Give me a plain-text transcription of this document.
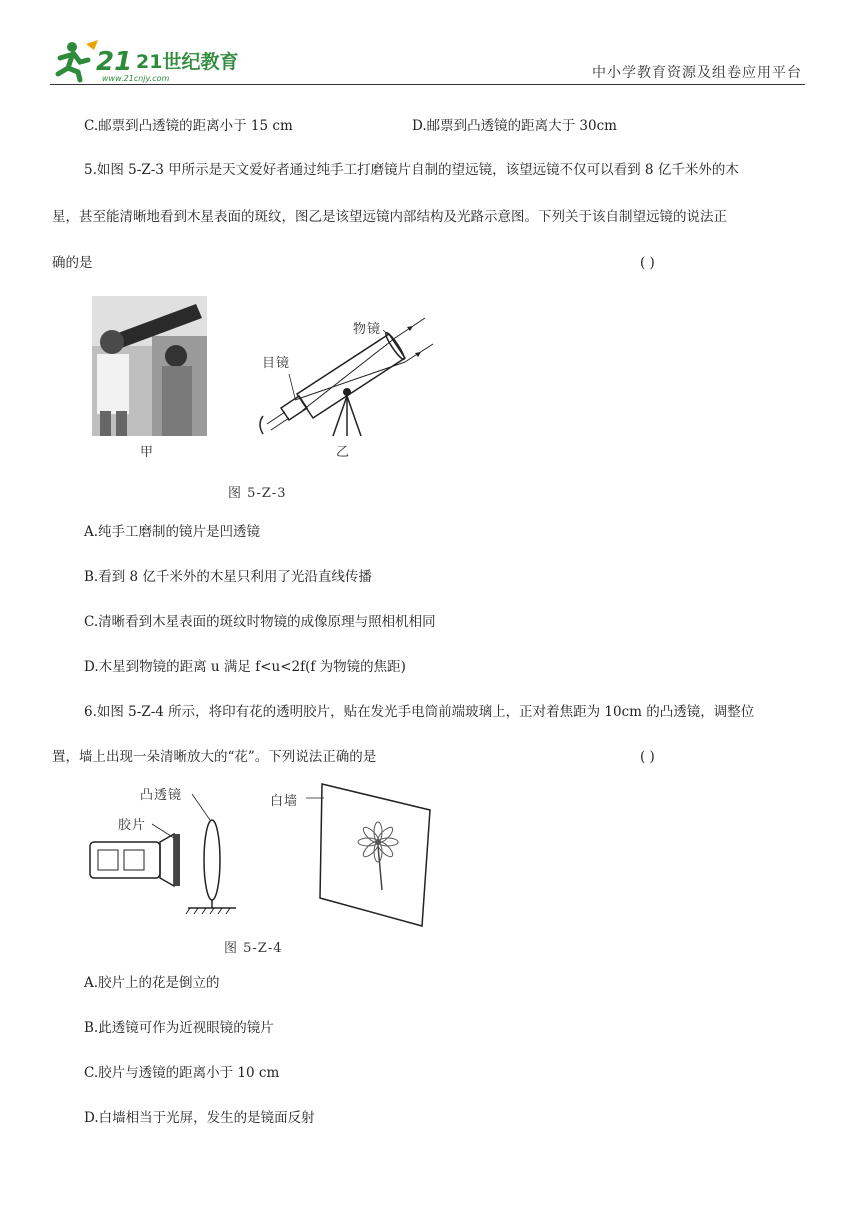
21 21世纪教育
www.21cnjy.com	中小学教育资源及组卷应用平台
C.邮票到凸透镜的距离小于 15 cm	D.邮票到凸透镜的距离大于 30cm
5.如图 5-Z-3 甲所示是天文爱好者通过纯手工打磨镜片自制的望远镜，该望远镜不仅可以看到 8 亿千米外的木
星，甚至能清晰地看到木星表面的斑纹，图乙是该望远镜内部结构及光路示意图。下列关于该自制望远镜的说法正
确的是	( )
甲
物镜
目镜
乙
图 5-Z-3
A.纯手工磨制的镜片是凹透镜
B.看到 8 亿千米外的木星只利用了光沿直线传播
C.清晰看到木星表面的斑纹时物镜的成像原理与照相机相同
D.木星到物镜的距离 u 满足 f<u<2f(f 为物镜的焦距)
6.如图 5-Z-4 所示，将印有花的透明胶片，贴在发光手电筒前端玻璃上，正对着焦距为 10cm 的凸透镜，调整位
置，墙上出现一朵清晰放大的“花”。下列说法正确的是	( )
凸透镜
胶片
白墙
图 5-Z-4
A.胶片上的花是倒立的
B.此透镜可作为近视眼镜的镜片
C.胶片与透镜的距离小于 10 cm
D.白墙相当于光屏，发生的是镜面反射
